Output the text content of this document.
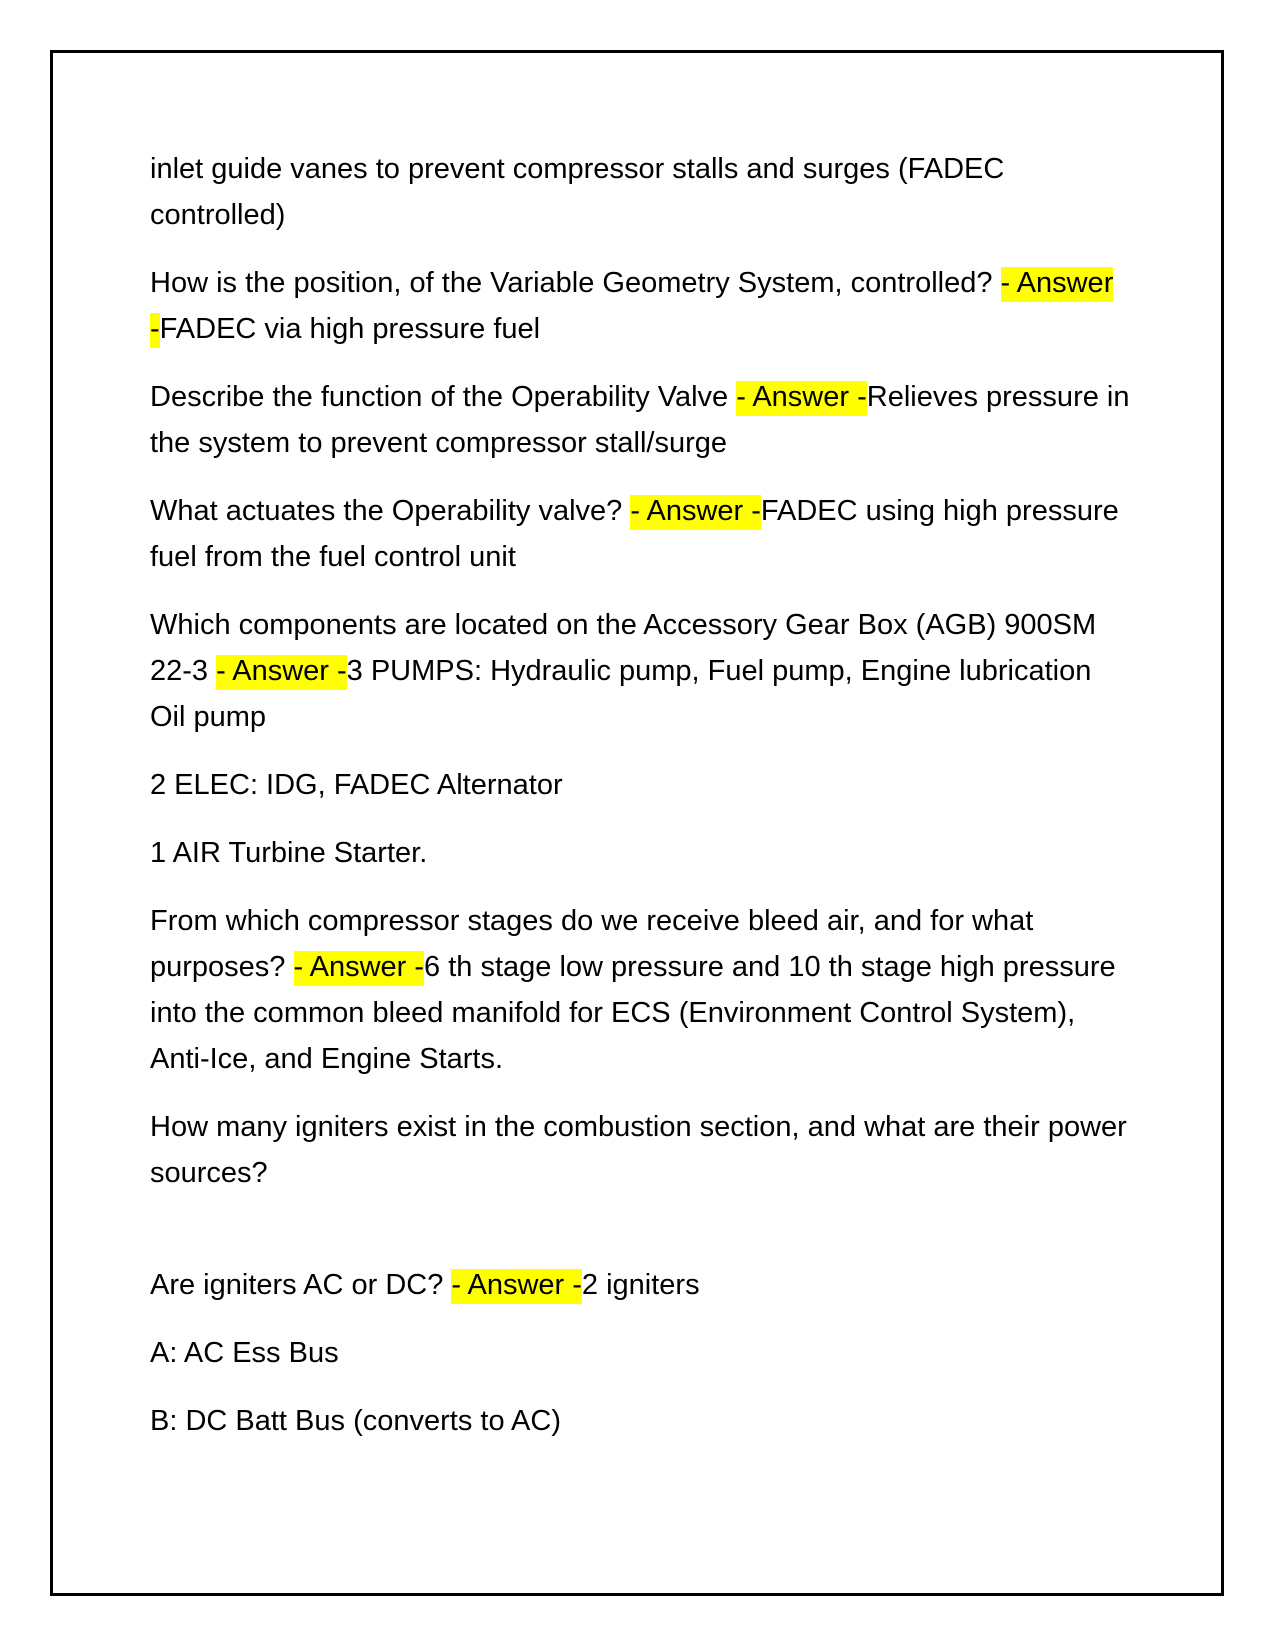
inlet guide vanes to prevent compressor stalls and surges (FADEC controlled)

How is the position, of the Variable Geometry System, controlled? - Answer -FADEC via high pressure fuel

Describe the function of the Operability Valve - Answer -Relieves pressure in the system to prevent compressor stall/surge

What actuates the Operability valve? - Answer -FADEC using high pressure fuel from the fuel control unit

Which components are located on the Accessory Gear Box (AGB) 900SM 22-3 - Answer -3 PUMPS: Hydraulic pump, Fuel pump, Engine lubrication Oil pump

2 ELEC: IDG, FADEC Alternator

1 AIR Turbine Starter.

From which compressor stages do we receive bleed air, and for what purposes? - Answer -6 th stage low pressure and 10 th stage high pressure into the common bleed manifold for ECS (Environment Control System), Anti-Ice, and Engine Starts.

How many igniters exist in the combustion section, and what are their power sources?

Are igniters AC or DC? - Answer -2 igniters

A: AC Ess Bus

B: DC Batt Bus (converts to AC)
